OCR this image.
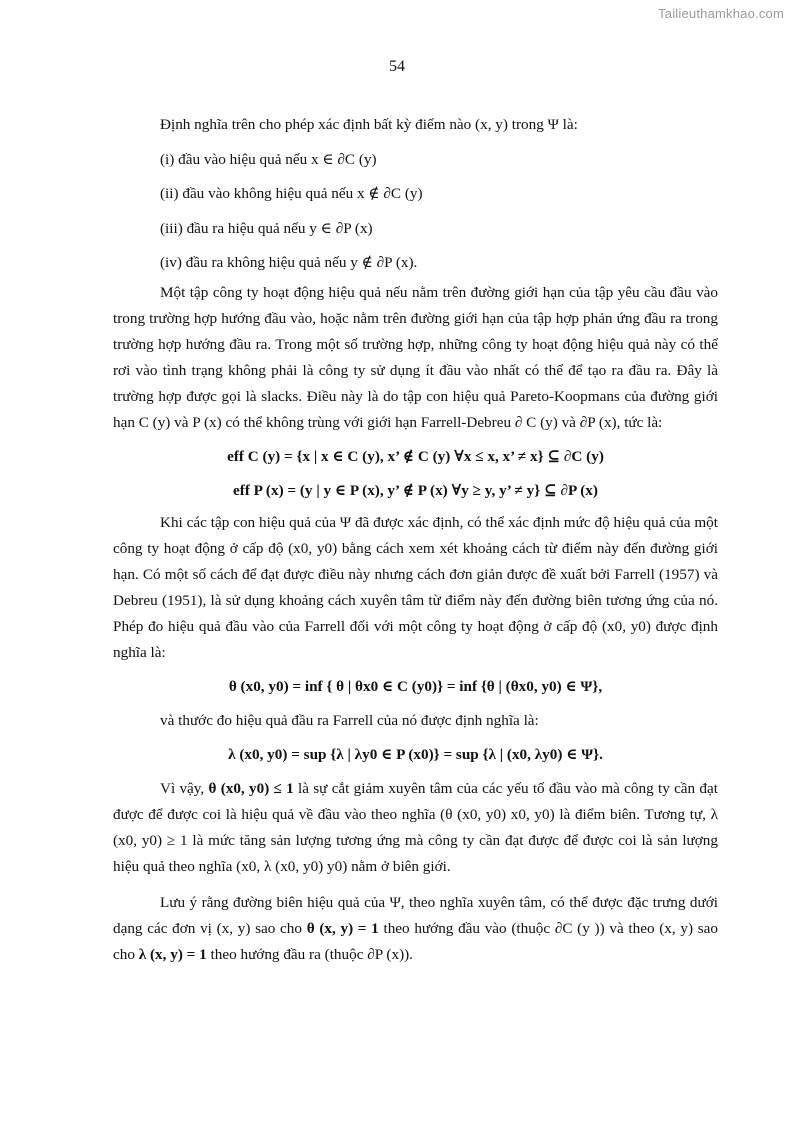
Tailieuthamkhao.com
54

Định nghĩa trên cho phép xác định bất kỳ điểm nào (x, y) trong Ψ là:

(i) đầu vào hiệu quả nếu x ∈ ∂C (y)

(ii) đầu vào không hiệu quả nếu x ∉ ∂C (y)

(iii) đầu ra hiệu quả nếu y ∈ ∂P (x)

(iv) đầu ra không hiệu quả nếu y ∉ ∂P (x).

Một tập công ty hoạt động hiệu quả nếu nằm trên đường giới hạn của tập yêu cầu đầu vào trong trường hợp hướng đầu vào, hoặc nằm trên đường giới hạn của tập hợp phản ứng đầu ra trong trường hợp hướng đầu ra. Trong một số trường hợp, những công ty hoạt động hiệu quả này có thể rơi vào tình trạng không phải là công ty sử dụng ít đầu vào nhất có thể để tạo ra đầu ra. Đây là trường hợp được gọi là slacks. Điều này là do tập con hiệu quả Pareto-Koopmans của đường giới hạn C (y) và P (x) có thể không trùng với giới hạn Farrell-Debreu ∂ C (y) và ∂P (x), tức là:

eff C (y) = {x | x ∈ C (y), x’ ∉ C (y) ∀x ≤ x, x’ ≠ x} ⊆ ∂C (y)

eff P (x) = (y | y ∈ P (x), y’ ∉ P (x) ∀y ≥ y, y’ ≠ y} ⊆ ∂P (x)

Khi các tập con hiệu quả của Ψ đã được xác định, có thể xác định mức độ hiệu quả của một công ty hoạt động ở cấp độ (x0, y0) bằng cách xem xét khoảng cách từ điểm này đến đường giới hạn. Có một số cách để đạt được điều này nhưng cách đơn giản được đề xuất bởi Farrell (1957) và Debreu (1951), là sử dụng khoảng cách xuyên tâm từ điểm này đến đường biên tương ứng của nó. Phép đo hiệu quả đầu vào của Farrell đối với một công ty hoạt động ở cấp độ (x0, y0) được định nghĩa là:

θ (x0, y0) = inf { θ | θx0 ∈ C (y0)} = inf {θ | (θx0, y0) ∈ Ψ},

và thước đo hiệu quả đầu ra Farrell của nó được định nghĩa là:

λ (x0, y0) = sup {λ | λy0 ∈ P (x0)} = sup {λ | (x0, λy0) ∈ Ψ}.

Vì vậy, θ (x0, y0) ≤ 1 là sự cắt giảm xuyên tâm của các yếu tố đầu vào mà công ty cần đạt được để được coi là hiệu quả về đầu vào theo nghĩa (θ (x0, y0) x0, y0) là điểm biên. Tương tự, λ (x0, y0) ≥ 1 là mức tăng sản lượng tương ứng mà công ty cần đạt được để được coi là sản lượng hiệu quả theo nghĩa (x0, λ (x0, y0) y0) nằm ở biên giới.

Lưu ý rằng đường biên hiệu quả của Ψ, theo nghĩa xuyên tâm, có thể được đặc trưng dưới dạng các đơn vị (x, y) sao cho θ (x, y) = 1 theo hướng đầu vào (thuộc ∂C (y )) và theo (x, y) sao cho λ (x, y) = 1 theo hướng đầu ra (thuộc ∂P (x)).
